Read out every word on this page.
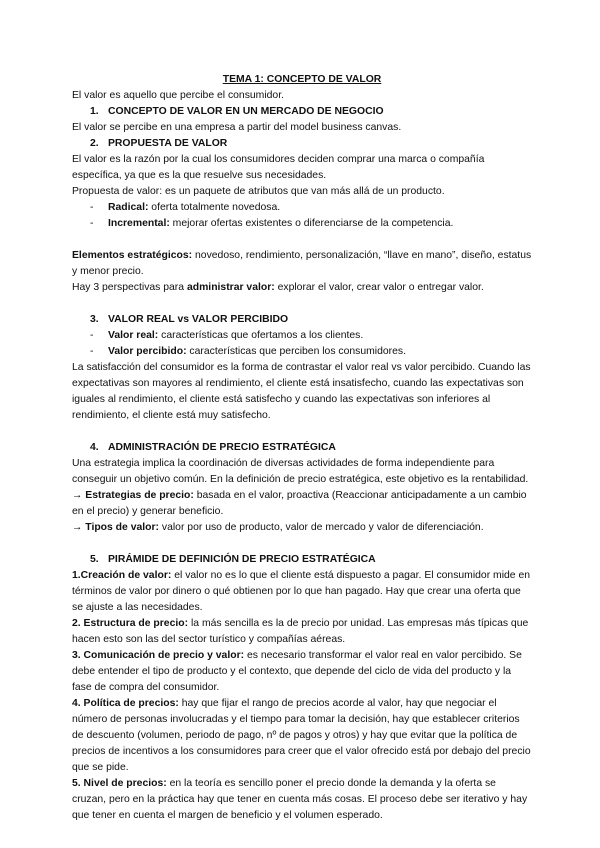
TEMA 1: CONCEPTO DE VALOR

El valor es aquello que percibe el consumidor.

1. CONCEPTO DE VALOR EN UN MERCADO DE NEGOCIO

El valor se percibe en una empresa a partir del model business canvas.

2. PROPUESTA DE VALOR

El valor es la razón por la cual los consumidores deciden comprar una marca o compañía específica, ya que es la que resuelve sus necesidades.

Propuesta de valor: es un paquete de atributos que van más allá de un producto.

-	Radical: oferta totalmente novedosa.

-	Incremental: mejorar ofertas existentes o diferenciarse de la competencia.

Elementos estratégicos: novedoso, rendimiento, personalización, “llave en mano”, diseño, estatus y menor precio.

Hay 3 perspectivas para administrar valor: explorar el valor, crear valor o entregar valor.

3. VALOR REAL vs VALOR PERCIBIDO

-	Valor real: características que ofertamos a los clientes.

-	Valor percibido: características que perciben los consumidores.

La satisfacción del consumidor es la forma de contrastar el valor real vs valor percibido. Cuando las expectativas son mayores al rendimiento, el cliente está insatisfecho, cuando las expectativas son iguales al rendimiento, el cliente está satisfecho y cuando las expectativas son inferiores al rendimiento, el cliente está muy satisfecho.

4. ADMINISTRACIÓN DE PRECIO ESTRATÉGICA

Una estrategia implica la coordinación de diversas actividades de forma independiente para conseguir un objetivo común. En la definición de precio estratégica, este objetivo es la rentabilidad.

→ Estrategias de precio: basada en el valor, proactiva (Reaccionar anticipadamente a un cambio en el precio) y generar beneficio.

→ Tipos de valor: valor por uso de producto, valor de mercado y valor de diferenciación.

5. PIRÁMIDE DE DEFINICIÓN DE PRECIO ESTRATÉGICA

1.Creación de valor: el valor no es lo que el cliente está dispuesto a pagar. El consumidor mide en términos de valor por dinero o qué obtienen por lo que han pagado. Hay que crear una oferta que se ajuste a las necesidades.

2. Estructura de precio: la más sencilla es la de precio por unidad. Las empresas más típicas que hacen esto son las del sector turístico y compañías aéreas.

3. Comunicación de precio y valor: es necesario transformar el valor real en valor percibido. Se debe entender el tipo de producto y el contexto, que depende del ciclo de vida del producto y la fase de compra del consumidor.

4. Política de precios: hay que fijar el rango de precios acorde al valor, hay que negociar el número de personas involucradas y el tiempo para tomar la decisión, hay que establecer criterios de descuento (volumen, periodo de pago, nº de pagos y otros) y hay que evitar que la política de precios de incentivos a los consumidores para creer que el valor ofrecido está por debajo del precio que se pide.

5. Nivel de precios: en la teoría es sencillo poner el precio donde la demanda y la oferta se cruzan, pero en la práctica hay que tener en cuenta más cosas. El proceso debe ser iterativo y hay que tener en cuenta el margen de beneficio y el volumen esperado.
